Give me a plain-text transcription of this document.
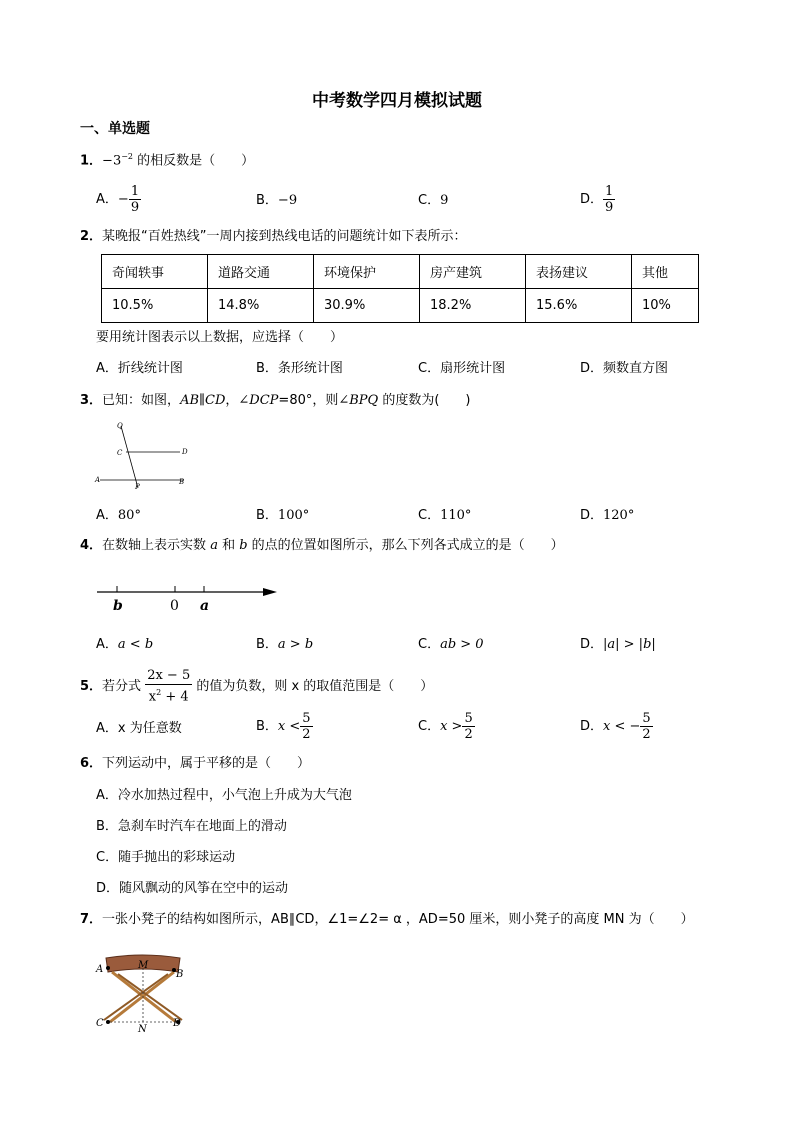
中考数学四月模拟试题
一、单选题
1．$-3^{-2}$ 的相反数是（　　）
A．− $\frac{1}{9}$	B．−9	C．9	D． $\frac{1}{9}$
2．某晚报“百姓热线”一周内接到热线电话的问题统计如下表所示：
奇闻轶事	道路交通	环境保护	房产建筑	表扬建议	其他
10.5%	14.8%	30.9%	18.2%	15.6%	10%
要用统计图表示以上数据，应选择（　　）
A．折线统计图	B．条形统计图	C．扇形统计图	D．频数直方图
3．已知：如图，AB∥CD，∠DCP=80°，则∠BPQ 的度数为(　　)
Q
C	D
A
P
B
A．80°	B．100°	C．110°	D．120°
4．在数轴上表示实数 a 和 b 的点的位置如图所示，那么下列各式成立的是（　　）
b	0 a
A．a < b	B．a > b	C．ab > 0	D．|a| > |b|
5．若分式 $\frac{2x - 5}{x^2 + 4}$ 的值为负数，则 x 的取值范围是（　　）
A．x 为任意数	B．$x < \frac{5}{2}$	C．$x > \frac{5}{2}$	D．x < − $\frac{5}{2}$
6．下列运动中，属于平移的是（　　）
A．冷水加热过程中，小气泡上升成为大气泡
B．急刹车时汽车在地面上的滑动
C．随手抛出的彩球运动
D．随风飘动的风筝在空中的运动
7．一张小凳子的结构如图所示，AB∥CD，∠1=∠2= α ，AD=50 厘米，则小凳子的高度 MN 为（　　）
A	M
B
C
N
D
